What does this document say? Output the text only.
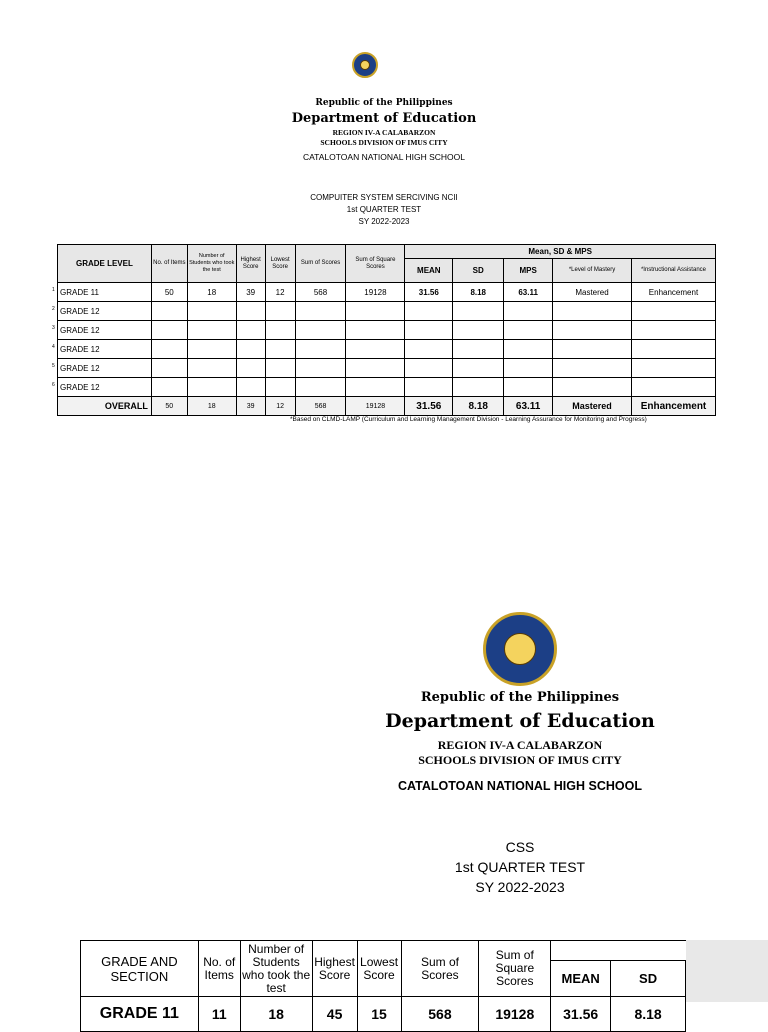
Republic of the Philippines
Department of Education
REGION IV-A CALABARZON
SCHOOLS DIVISION OF IMUS CITY
CATALOTOAN NATIONAL HIGH SCHOOL
COMPUITER SYSTEM SERCIVING NCII
1st QUARTER TEST
SY 2022-2023
GRADE LEVEL	No. of Items	Number of Students who took the test	Highest Score	Lowest Score	Sum of Scores	Sum of Square Scores	Mean, SD & MPS				
							MEAN	SD	MPS	*Level of Mastery	*Instructional Assistance

1 GRADE 11	50	18	39	12	568	19128	31.56	8.18	63.11	Mastered	Enhancement

2 GRADE 12											

3 GRADE 12											

4 GRADE 12											

5 GRADE 12											

6 GRADE 12											
OVERALL	50	18	39	12	568	19128	31.56	8.18	63.11	Mastered	Enhancement
*Based on CLMD-LAMP (Curriculum and Learning Management Division - Learning Assurance for Monitoring and Progress)
Republic of the Philippines
Department of Education
REGION IV-A CALABARZON
SCHOOLS DIVISION OF IMUS CITY
CATALOTOAN NATIONAL HIGH SCHOOL
CSS
1st QUARTER TEST
SY 2022-2023
GRADE AND SECTION	No. of Items	Number of Students who took the test	Highest Score	Lowest Score	Sum of Scores	Sum of Square Scores		
							MEAN	SD
GRADE 11	11	18	45	15	568	19128	31.56	8.18
